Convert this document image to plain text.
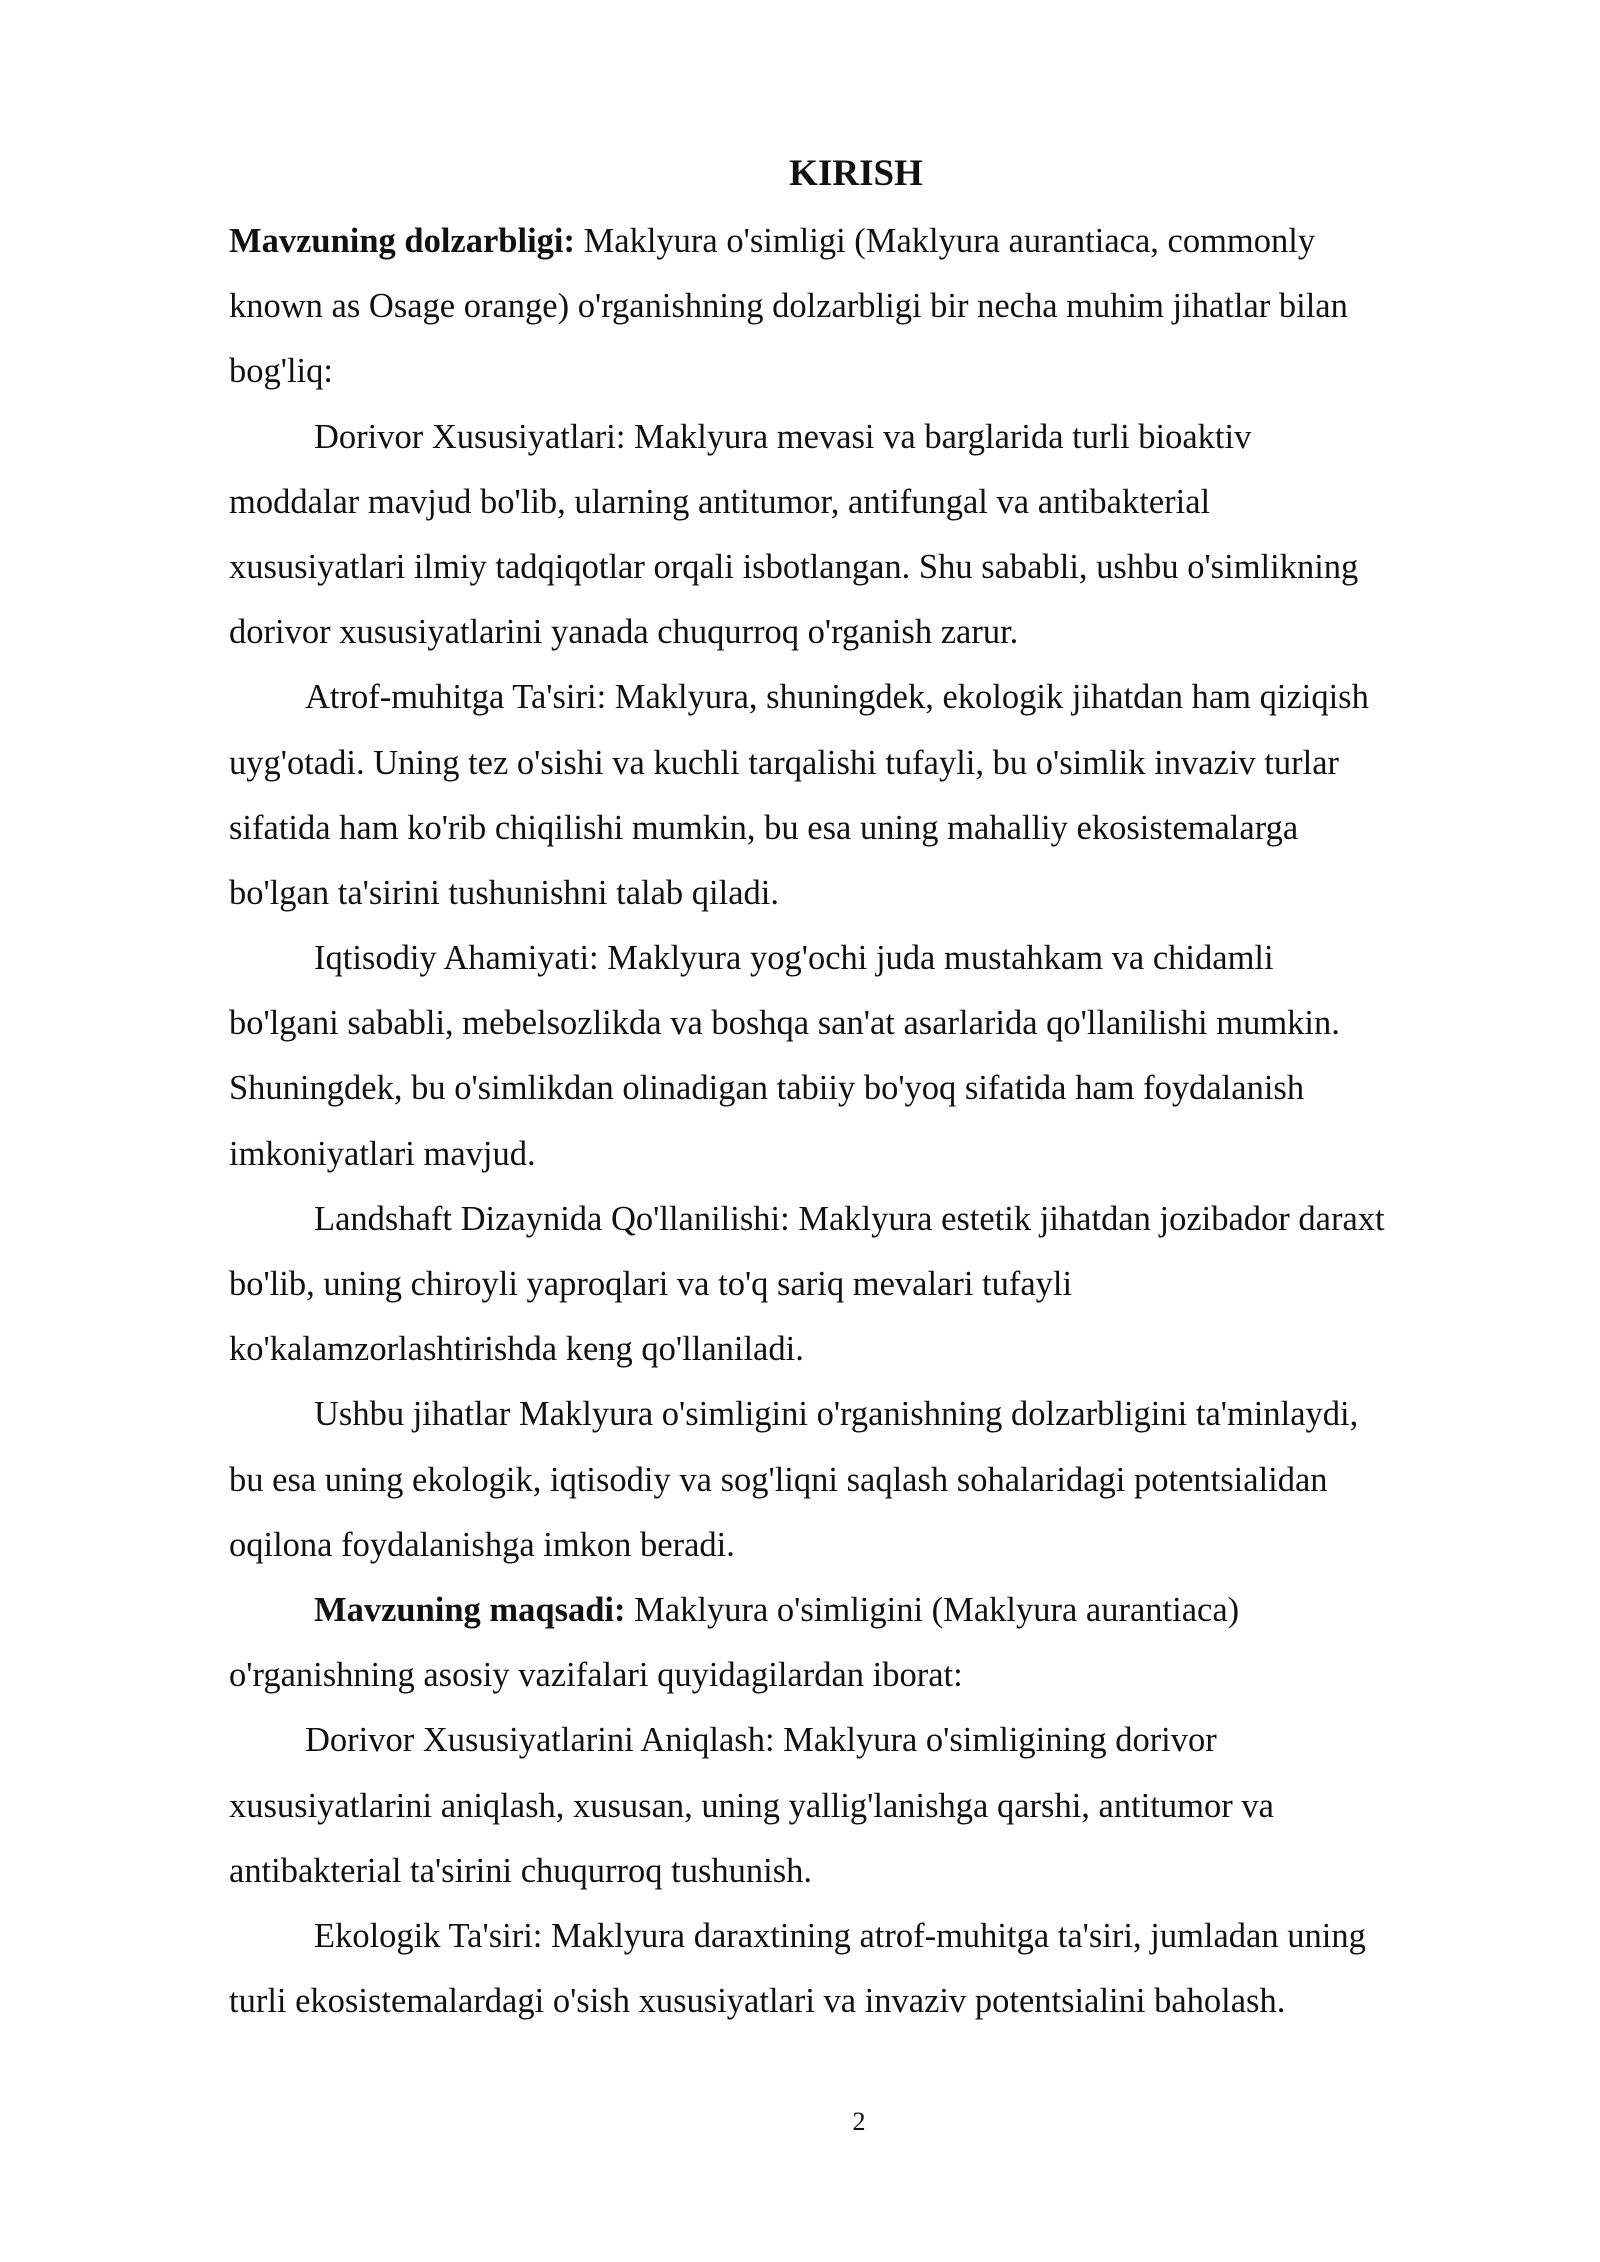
KIRISH
Mavzuning dolzarbligi: Maklyura o'simligi (Maklyura aurantiaca, commonly
known as Osage orange) o'rganishning dolzarbligi bir necha muhim jihatlar bilan
bog'liq:
Dorivor Xususiyatlari: Maklyura mevasi va barglarida turli bioaktiv
moddalar mavjud bo'lib, ularning antitumor, antifungal va antibakterial
xususiyatlari ilmiy tadqiqotlar orqali isbotlangan. Shu sababli, ushbu o'simlikning
dorivor xususiyatlarini yanada chuqurroq o'rganish zarur.
Atrof-muhitga Ta'siri: Maklyura, shuningdek, ekologik jihatdan ham qiziqish
uyg'otadi. Uning tez o'sishi va kuchli tarqalishi tufayli, bu o'simlik invaziv turlar
sifatida ham ko'rib chiqilishi mumkin, bu esa uning mahalliy ekosistemalarga
bo'lgan ta'sirini tushunishni talab qiladi.
Iqtisodiy Ahamiyati: Maklyura yog'ochi juda mustahkam va chidamli
bo'lgani sababli, mebelsozlikda va boshqa san'at asarlarida qo'llanilishi mumkin.
Shuningdek, bu o'simlikdan olinadigan tabiiy bo'yoq sifatida ham foydalanish
imkoniyatlari mavjud.
Landshaft Dizaynida Qo'llanilishi: Maklyura estetik jihatdan jozibador daraxt
bo'lib, uning chiroyli yaproqlari va to'q sariq mevalari tufayli
ko'kalamzorlashtirishda keng qo'llaniladi.
Ushbu jihatlar Maklyura o'simligini o'rganishning dolzarbligini ta'minlaydi,
bu esa uning ekologik, iqtisodiy va sog'liqni saqlash sohalaridagi potentsialidan
oqilona foydalanishga imkon beradi.
Mavzuning maqsadi: Maklyura o'simligini (Maklyura aurantiaca)
o'rganishning asosiy vazifalari quyidagilardan iborat:
Dorivor Xususiyatlarini Aniqlash: Maklyura o'simligining dorivor
xususiyatlarini aniqlash, xususan, uning yallig'lanishga qarshi, antitumor va
antibakterial ta'sirini chuqurroq tushunish.
Ekologik Ta'siri: Maklyura daraxtining atrof-muhitga ta'siri, jumladan uning
turli ekosistemalardagi o'sish xususiyatlari va invaziv potentsialini baholash.
2
